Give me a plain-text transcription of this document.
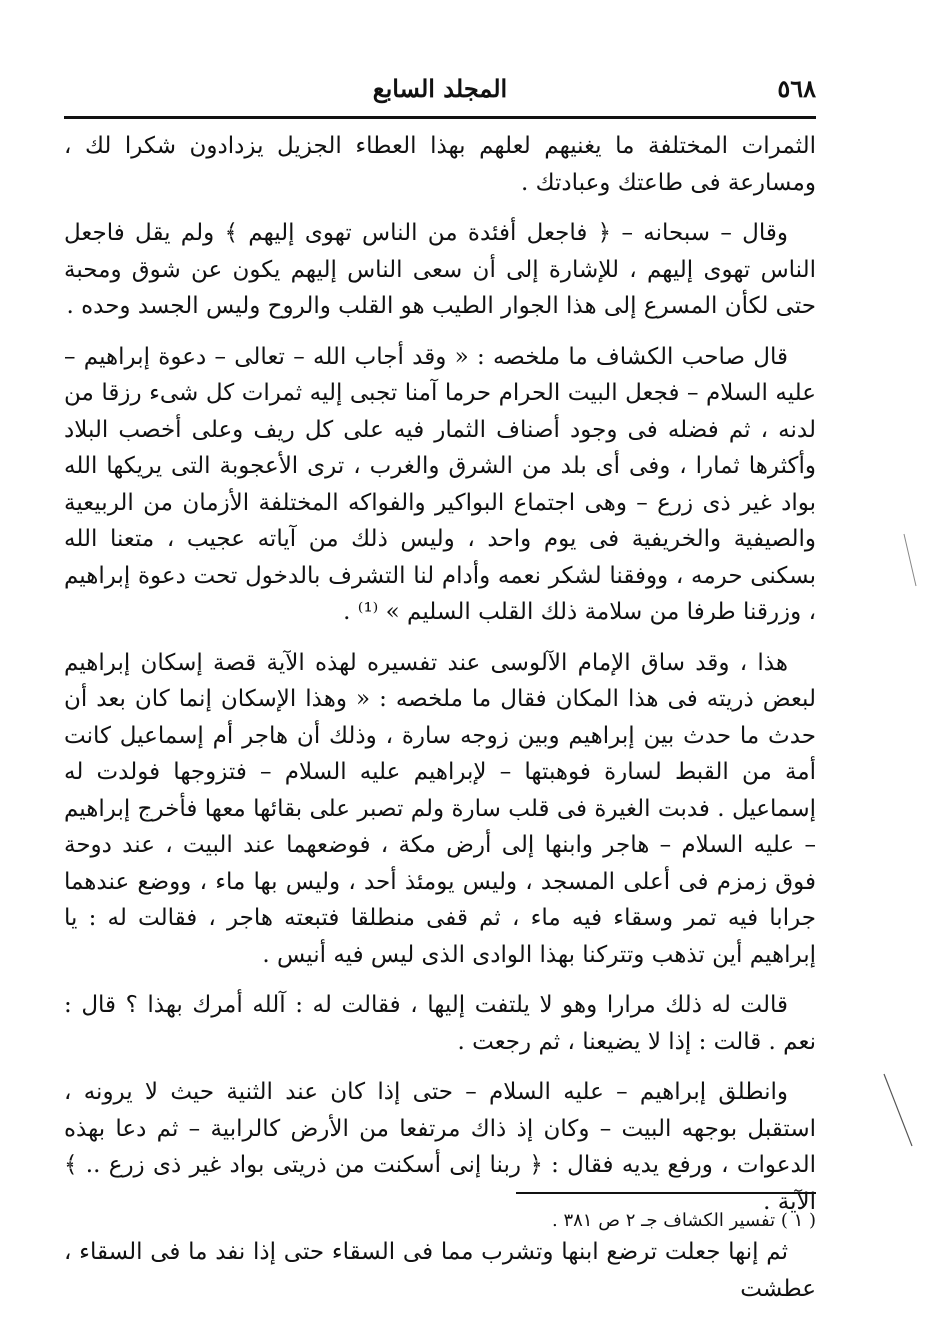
٥٦٨
المجلد السابع

الثمرات المختلفة ما يغنيهم لعلهم بهذا العطاء الجزيل يزدادون شكرا لك ، ومسارعة فى طاعتك وعبادتك .

وقال – سبحانه – ﴿ فاجعل أفئدة من الناس تهوى إليهم ﴾ ولم يقل فاجعل الناس تهوى إليهم ، للإشارة إلى أن سعى الناس إليهم يكون عن شوق ومحبة حتى لكأن المسرع إلى هذا الجوار الطيب هو القلب والروح وليس الجسد وحده .

قال صاحب الكشاف ما ملخصه : « وقد أجاب الله – تعالى – دعوة إبراهيم – عليه السلام – فجعل البيت الحرام حرما آمنا تجبى إليه ثمرات كل شىء رزقا من لدنه ، ثم فضله فى وجود أصناف الثمار فيه على كل ريف وعلى أخصب البلاد وأكثرها ثمارا ، وفى أى بلد من الشرق والغرب ، ترى الأعجوبة التى يريكها الله بواد غير ذى زرع – وهى اجتماع البواكير والفواكه المختلفة الأزمان من الربيعية والصيفية والخريفية فى يوم واحد ، وليس ذلك من آياته عجيب ، متعنا الله بسكنى حرمه ، ووفقنا لشكر نعمه وأدام لنا التشرف بالدخول تحت دعوة إبراهيم ، وزرقنا طرفا من سلامة ذلك القلب السليم » ⁽¹⁾ .

هذا ، وقد ساق الإمام الآلوسى عند تفسيره لهذه الآية قصة إسكان إبراهيم لبعض ذريته فى هذا المكان فقال ما ملخصه : « وهذا الإسكان إنما كان بعد أن حدث ما حدث بين إبراهيم وبين زوجه سارة ، وذلك أن هاجر أم إسماعيل كانت أمة من القبط لسارة فوهبتها – لإبراهيم عليه السلام – فتزوجها فولدت له إسماعيل . فدبت الغيرة فى قلب سارة ولم تصبر على بقائها معها فأخرج إبراهيم – عليه السلام – هاجر وابنها إلى أرض مكة ، فوضعهما عند البيت ، عند دوحة فوق زمزم فى أعلى المسجد ، وليس يومئذ أحد ، وليس بها ماء ، ووضع عندهما جرابا فيه تمر وسقاء فيه ماء ، ثم قفى منطلقا فتبعته هاجر ، فقالت له : يا إبراهيم أين تذهب وتتركنا بهذا الوادى الذى ليس فيه أنيس .

قالت له ذلك مرارا وهو لا يلتفت إليها ، فقالت له : آلله أمرك بهذا ؟ قال : نعم . قالت : إذا لا يضيعنا ، ثم رجعت .

وانطلق إبراهيم – عليه السلام – حتى إذا كان عند الثنية حيث لا يرونه ، استقبل بوجهه البيت – وكان إذ ذاك مرتفعا من الأرض كالرابية – ثم دعا بهذه الدعوات ، ورفع يديه فقال : ﴿ ربنا إنى أسكنت من ذريتى بواد غير ذى زرع .. ﴾ الآية .

ثم إنها جعلت ترضع ابنها وتشرب مما فى السقاء حتى إذا نفد ما فى السقاء ، عطشت

( ١ ) تفسير الكشاف جـ ٢ ص ٣٨١ .
